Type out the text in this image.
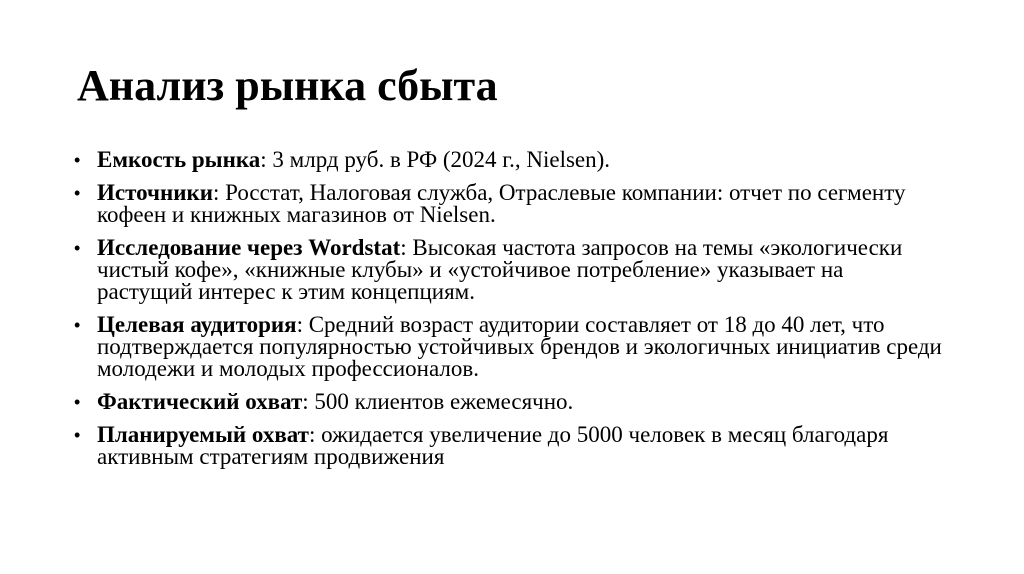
Анализ рынка сбыта
• Емкость рынка: 3 млрд руб. в РФ (2024 г., Nielsen).
• Источники: Росстат, Налоговая служба, Отраслевые компании: отчет по сегменту кофеен и книжных магазинов от Nielsen.
• Исследование через Wordstat: Высокая частота запросов на темы «экологически чистый кофе», «книжные клубы» и «устойчивое потребление» указывает на растущий интерес к этим концепциям.
• Целевая аудитория: Средний возраст аудитории составляет от 18 до 40 лет, что подтверждается популярностью устойчивых брендов и экологичных инициатив среди молодежи и молодых профессионалов.
• Фактический охват: 500 клиентов ежемесячно.
• Планируемый охват: ожидается увеличение до 5000 человек в месяц благодаря активным стратегиям продвижения
